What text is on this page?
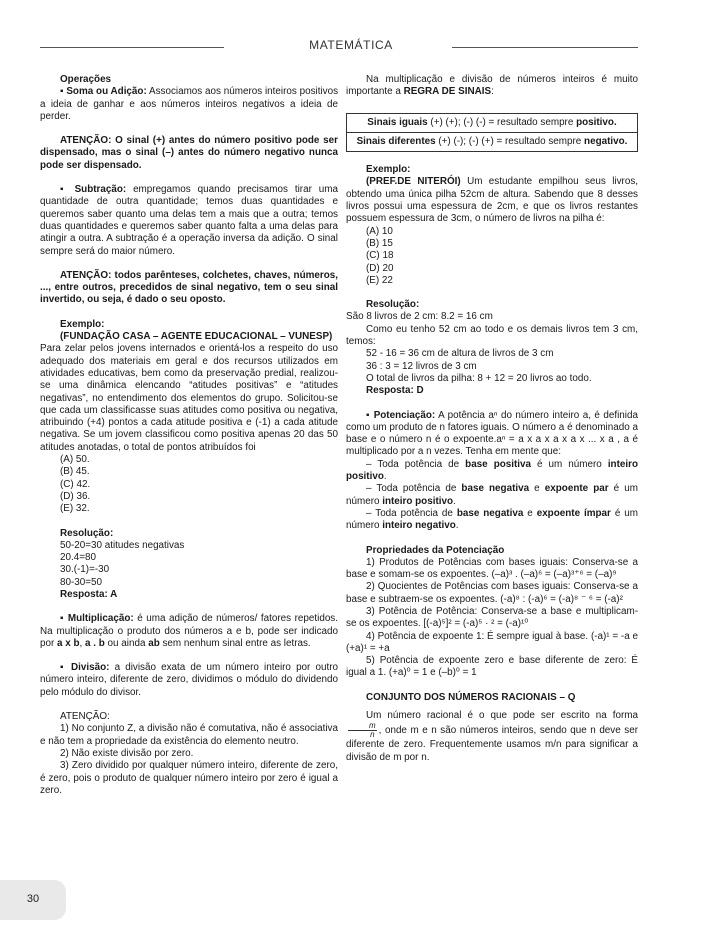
MATEMÁTICA

Operações

▪ Soma ou Adição: Associamos aos números inteiros positivos a ideia de ganhar e aos números inteiros negativos a ideia de perder.

ATENÇÃO: O sinal (+) antes do número positivo pode ser dispensado, mas o sinal (–) antes do número negativo nunca pode ser dispensado.

▪ Subtração: empregamos quando precisamos tirar uma quantidade de outra quantidade; temos duas quantidades e queremos saber quanto uma delas tem a mais que a outra; temos duas quantidades e queremos saber quanto falta a uma delas para atingir a outra. A subtração é a operação inversa da adição. O sinal sempre será do maior número.

ATENÇÃO: todos parênteses, colchetes, chaves, números, ..., entre outros, precedidos de sinal negativo, tem o seu sinal invertido, ou seja, é dado o seu oposto.

Exemplo:

(FUNDAÇÃO CASA – AGENTE EDUCACIONAL – VUNESP)

Para zelar pelos jovens internados e orientá-los a respeito do uso adequado dos materiais em geral e dos recursos utilizados em atividades educativas, bem como da preservação predial, realizou-se uma dinâmica elencando “atitudes positivas” e “atitudes negativas”, no entendimento dos elementos do grupo. Solicitou-se que cada um classificasse suas atitudes como positiva ou negativa, atribuindo (+4) pontos a cada atitude positiva e (-1) a cada atitude negativa. Se um jovem classificou como positiva apenas 20 das 50 atitudes anotadas, o total de pontos atribuídos foi

(A) 50.

(B) 45.

(C) 42.

(D) 36.

(E) 32.

Resolução:

50-20=30 atitudes negativas

20.4=80

30.(-1)=-30

80-30=50

Resposta: A

▪ Multiplicação: é uma adição de números/ fatores repetidos. Na multiplicação o produto dos números a e b, pode ser indicado por a x b, a . b ou ainda ab sem nenhum sinal entre as letras.

▪ Divisão: a divisão exata de um número inteiro por outro número inteiro, diferente de zero, dividimos o módulo do dividendo pelo módulo do divisor.

ATENÇÃO:

1) No conjunto Z, a divisão não é comutativa, não é associativa e não tem a propriedade da existência do elemento neutro.

2) Não existe divisão por zero.

3) Zero dividido por qualquer número inteiro, diferente de zero, é zero, pois o produto de qualquer número inteiro por zero é igual a zero.

Na multiplicação e divisão de números inteiros é muito importante a REGRA DE SINAIS:

Sinais iguais (+) (+); (-) (-) = resultado sempre positivo.
Sinais diferentes (+) (-); (-) (+) = resultado sempre negativo.

Exemplo:

(PREF.DE NITERÓI) Um estudante empilhou seus livros, obtendo uma única pilha 52cm de altura. Sabendo que 8 desses livros possui uma espessura de 2cm, e que os livros restantes possuem espessura de 3cm, o número de livros na pilha é:

(A) 10

(B) 15

(C) 18

(D) 20

(E) 22

Resolução:

São 8 livros de 2 cm: 8.2 = 16 cm

Como eu tenho 52 cm ao todo e os demais livros tem 3 cm, temos:

52 - 16 = 36 cm de altura de livros de 3 cm

36 : 3 = 12 livros de 3 cm

O total de livros da pilha: 8 + 12 = 20 livros ao todo.

Resposta: D

▪ Potenciação: A potência aⁿ do número inteiro a, é definida como um produto de n fatores iguais. O número a é denominado a base e o número n é o expoente.aⁿ = a x a x a x a x ... x a , a é multiplicado por a n vezes. Tenha em mente que:

– Toda potência de base positiva é um número inteiro positivo.

– Toda potência de base negativa e expoente par é um número inteiro positivo.

– Toda potência de base negativa e expoente ímpar é um número inteiro negativo.

Propriedades da Potenciação

1) Produtos de Potências com bases iguais: Conserva-se a base e somam-se os expoentes. (–a)³ . (–a)⁶ = (–a)³⁺⁶ = (–a)⁹

2) Quocientes de Potências com bases iguais: Conserva-se a base e subtraem-se os expoentes. (-a)⁸ : (-a)⁶ = (-a)⁸ ⁻ ⁶ = (-a)²

3) Potência de Potência: Conserva-se a base e multiplicam-se os expoentes. [(-a)⁵]² = (-a)⁵ · ² = (-a)¹⁰

4) Potência de expoente 1: É sempre igual à base. (-a)¹ = -a e (+a)¹ = +a

5) Potência de expoente zero e base diferente de zero: É igual a 1. (+a)⁰ = 1 e (–b)⁰ = 1

CONJUNTO DOS NÚMEROS RACIONAIS – Q

Um número racional é o que pode ser escrito na forma
$\frac{m}{n}$ , onde m e n são números inteiros, sendo que n deve ser diferente de zero. Frequentemente usamos m/n para significar a divisão de m por n.

30
